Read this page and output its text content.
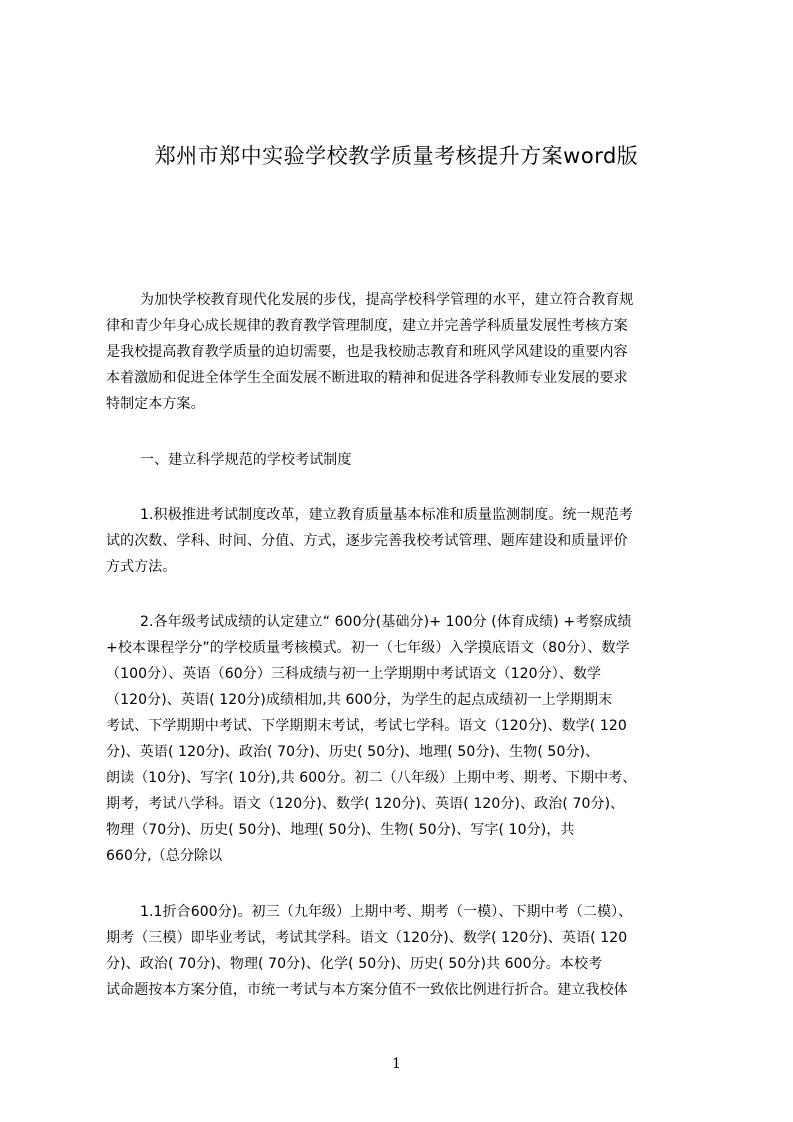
郑州市郑中实验学校教学质量考核提升方案word版
为加快学校教育现代化发展的步伐，提高学校科学管理的水平，建立符合教育规
律和青少年身心成长规律的教育教学管理制度，建立并完善学科质量发展性考核方案
是我校提高教育教学质量的迫切需要，也是我校励志教育和班风学风建设的重要内容
本着激励和促进全体学生全面发展不断进取的精神和促进各学科教师专业发展的要求
特制定本方案。
一、建立科学规范的学校考试制度
1.积极推进考试制度改革，建立教育质量基本标准和质量监测制度。统一规范考
试的次数、学科、时间、分值、方式，逐步完善我校考试管理、题库建设和质量评价
方式方法。
2.各年级考试成绩的认定建立“ 600分(基础分)+ 100分 (体育成绩) +考察成绩
+校本课程学分”的学校质量考核模式。初一（七年级）入学摸底语文（80分）、数学
（100分）、英语（60分）三科成绩与初一上学期期中考试语文（120分）、数学
（120分)、英语( 120分)成绩相加,共 600分，为学生的起点成绩初一上学期期末
考试、下学期期中考试、下学期期末考试，考试七学科。语文（120分)、数学( 120
分)、英语( 120分)、政治( 70分)、历史( 50分)、地理( 50分)、生物( 50分)、
朗读（10分)、写字( 10分),共 600分。初二（八年级）上期中考、期考、下期中考、
期考，考试八学科。语文（120分)、数学( 120分)、英语( 120分)、政治( 70分)、
物理（70分)、历史( 50分)、地理( 50分)、生物( 50分)、写字( 10分)，共
660分,（总分除以
1.1折合600分)。初三（九年级）上期中考、期考（一模）、下期中考（二模）、
期考（三模）即毕业考试，考试其学科。语文（120分)、数学( 120分)、英语( 120
分)、政治( 70分)、物理( 70分)、化学( 50分)、历史( 50分)共 600分。本校考
试命题按本方案分值，市统一考试与本方案分值不一致依比例进行折合。建立我校体
1
